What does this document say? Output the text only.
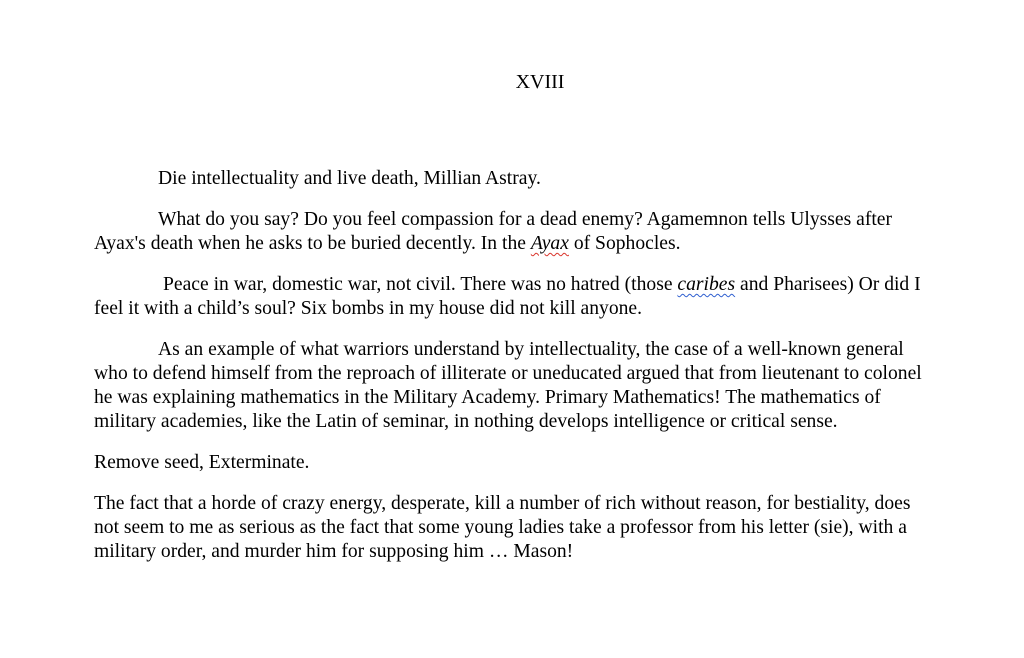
XVIII

Die intellectuality and live death, Millian Astray.

What do you say? Do you feel compassion for a dead enemy? Agamemnon tells Ulysses after Ayax's death when he asks to be buried decently. In the Ayax of Sophocles.

Peace in war, domestic war, not civil. There was no hatred (those caribes and Pharisees) Or did I feel it with a child’s soul? Six bombs in my house did not kill anyone.

As an example of what warriors understand by intellectuality, the case of a well-known general who to defend himself from the reproach of illiterate or uneducated argued that from lieutenant to colonel he was explaining mathematics in the Military Academy. Primary Mathematics! The mathematics of military academies, like the Latin of seminar, in nothing develops intelligence or critical sense.

Remove seed, Exterminate.

The fact that a horde of crazy energy, desperate, kill a number of rich without reason, for bestiality, does not seem to me as serious as the fact that some young ladies take a professor from his letter (sie), with a military order, and murder him for supposing him … Mason!
